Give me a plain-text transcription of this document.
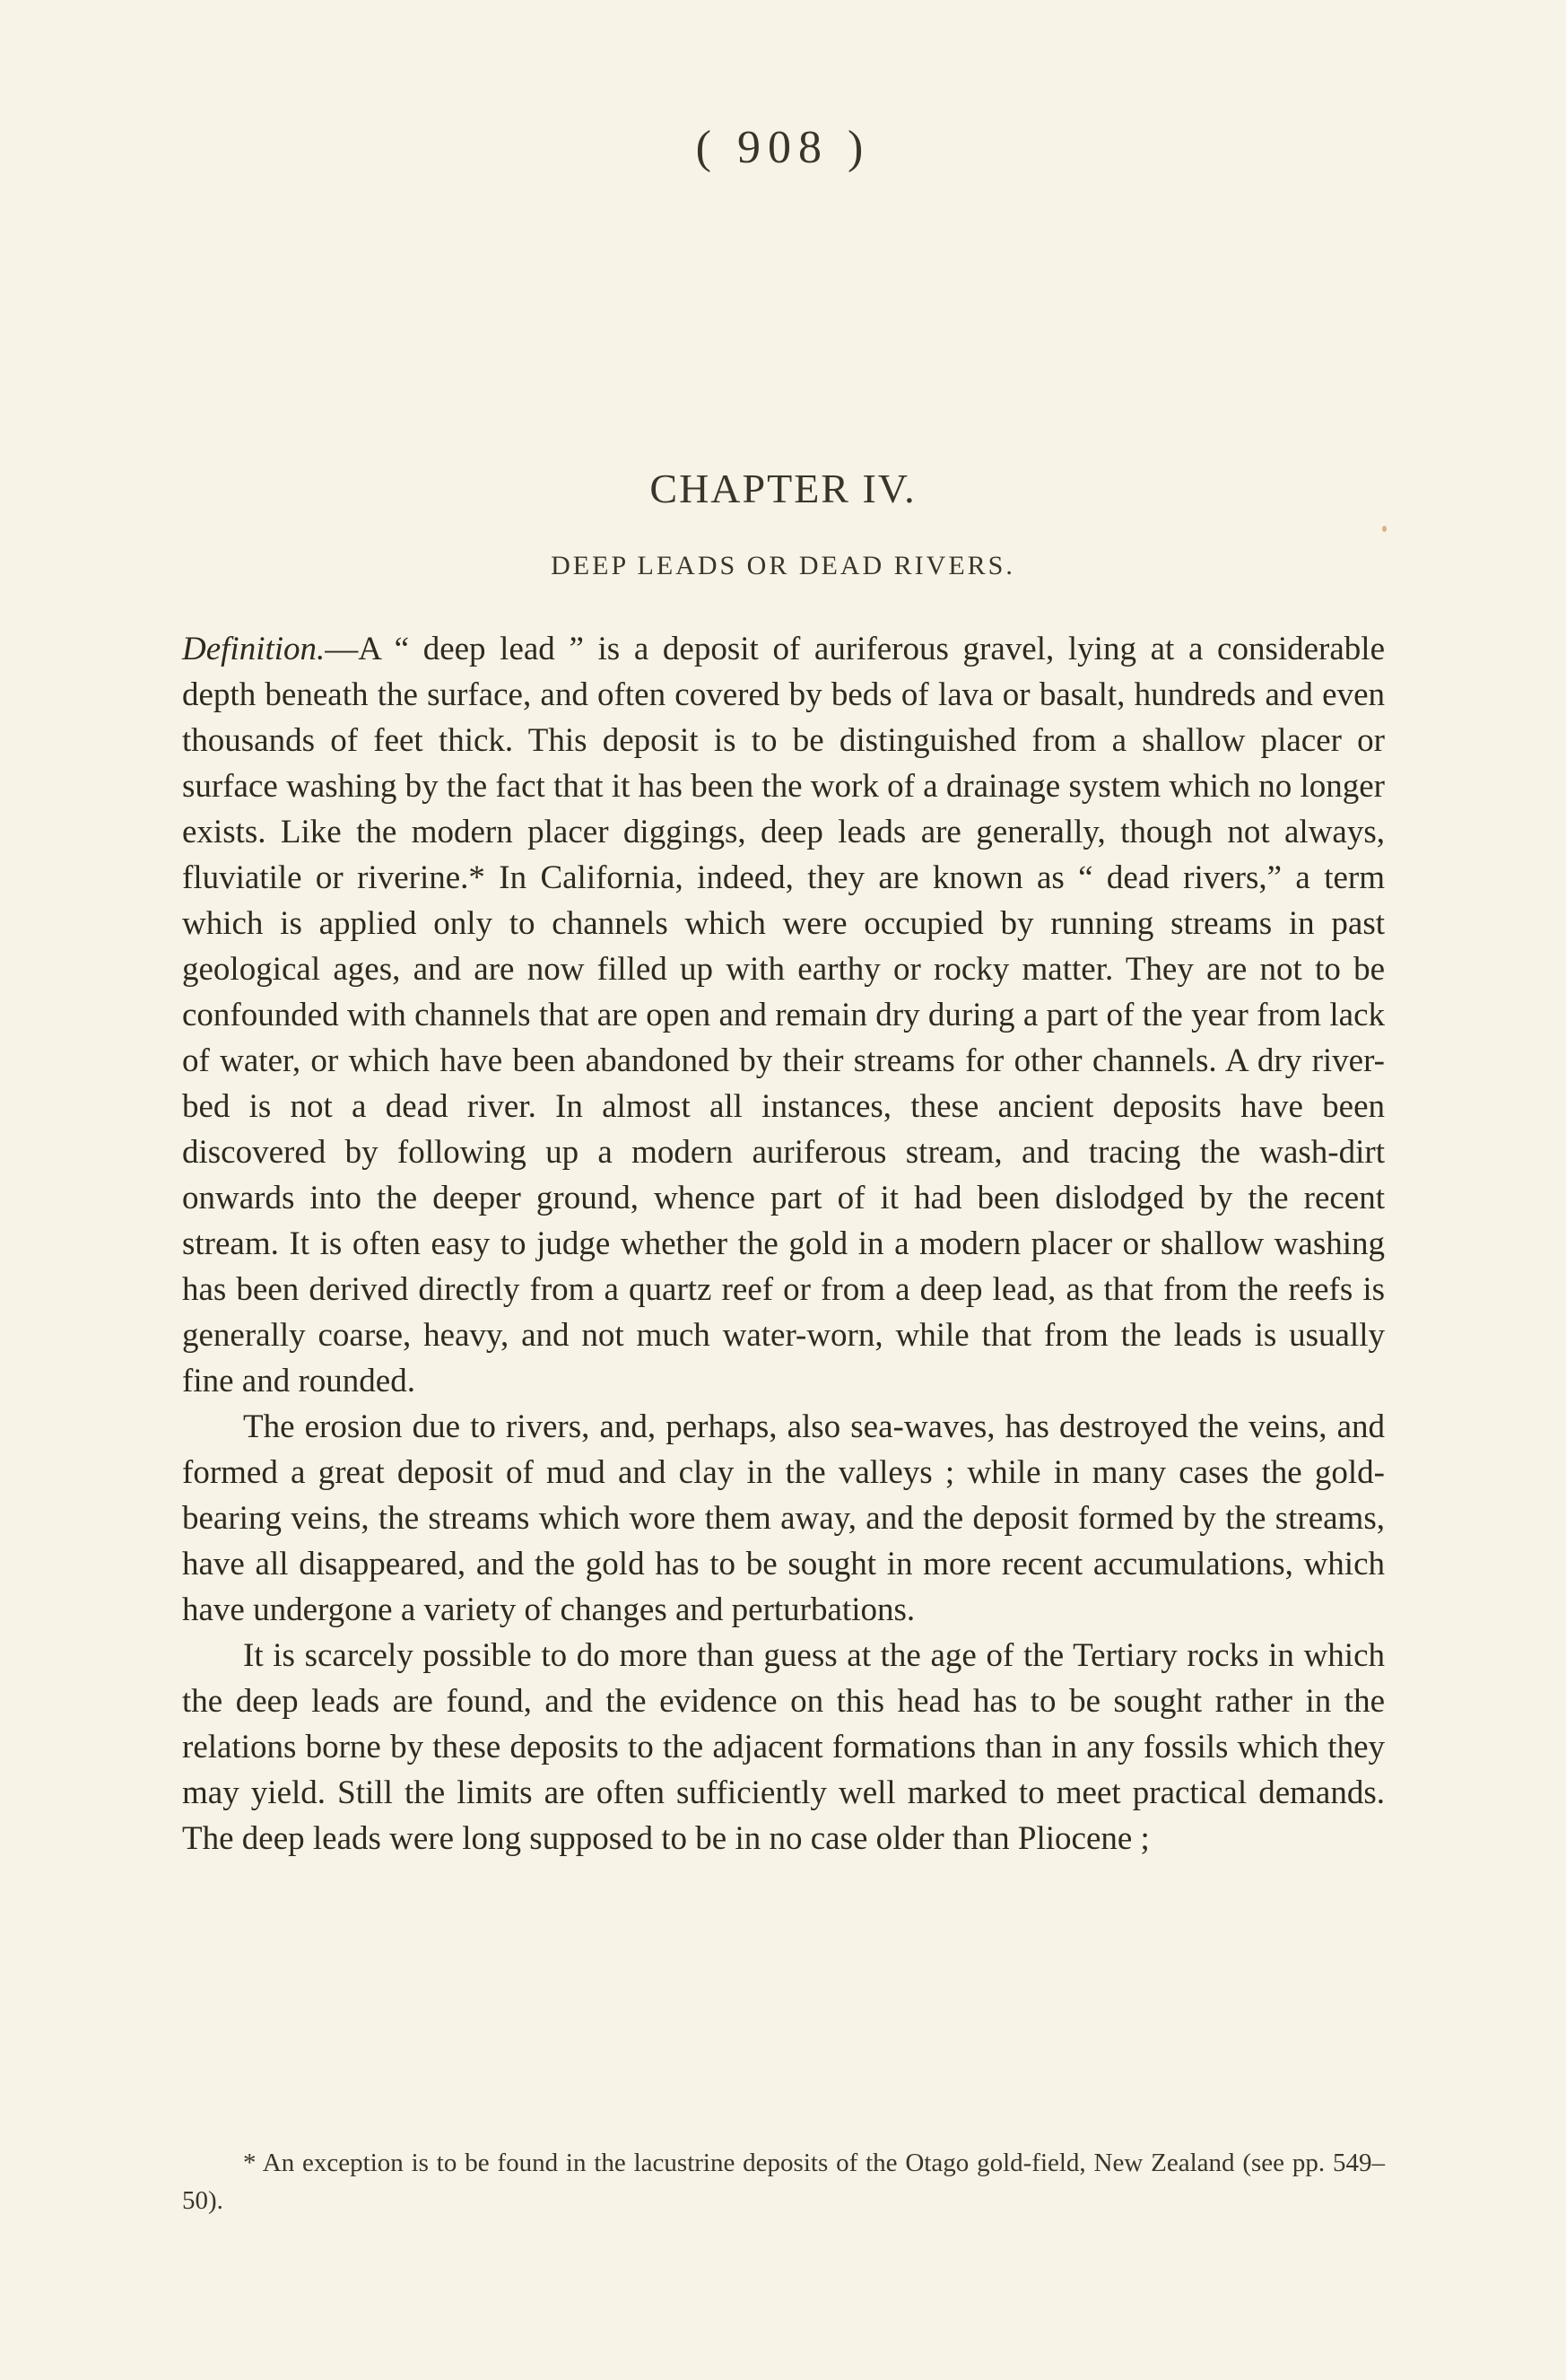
( 908 )
CHAPTER IV.
DEEP LEADS OR DEAD RIVERS.

Definition.—A “ deep lead ” is a deposit of auriferous gravel, lying at a considerable depth beneath the surface, and often covered by beds of lava or basalt, hundreds and even thousands of feet thick. This deposit is to be distinguished from a shallow placer or surface washing by the fact that it has been the work of a drainage system which no longer exists. Like the modern placer diggings, deep leads are generally, though not always, fluviatile or riverine.* In California, indeed, they are known as “ dead rivers,” a term which is applied only to channels which were occupied by running streams in past geological ages, and are now filled up with earthy or rocky matter. They are not to be confounded with channels that are open and remain dry during a part of the year from lack of water, or which have been abandoned by their streams for other channels. A dry river-bed is not a dead river. In almost all instances, these ancient deposits have been discovered by following up a modern auriferous stream, and tracing the wash-dirt onwards into the deeper ground, whence part of it had been dislodged by the recent stream. It is often easy to judge whether the gold in a modern placer or shallow washing has been derived directly from a quartz reef or from a deep lead, as that from the reefs is generally coarse, heavy, and not much water-worn, while that from the leads is usually fine and rounded.

The erosion due to rivers, and, perhaps, also sea-waves, has destroyed the veins, and formed a great deposit of mud and clay in the valleys ; while in many cases the gold-bearing veins, the streams which wore them away, and the deposit formed by the streams, have all disappeared, and the gold has to be sought in more recent accumulations, which have undergone a variety of changes and perturbations.

It is scarcely possible to do more than guess at the age of the Tertiary rocks in which the deep leads are found, and the evidence on this head has to be sought rather in the relations borne by these deposits to the adjacent formations than in any fossils which they may yield. Still the limits are often sufficiently well marked to meet practical demands. The deep leads were long supposed to be in no case older than Pliocene ;

* An exception is to be found in the lacustrine deposits of the Otago gold-field, New Zealand (see pp. 549–50).
